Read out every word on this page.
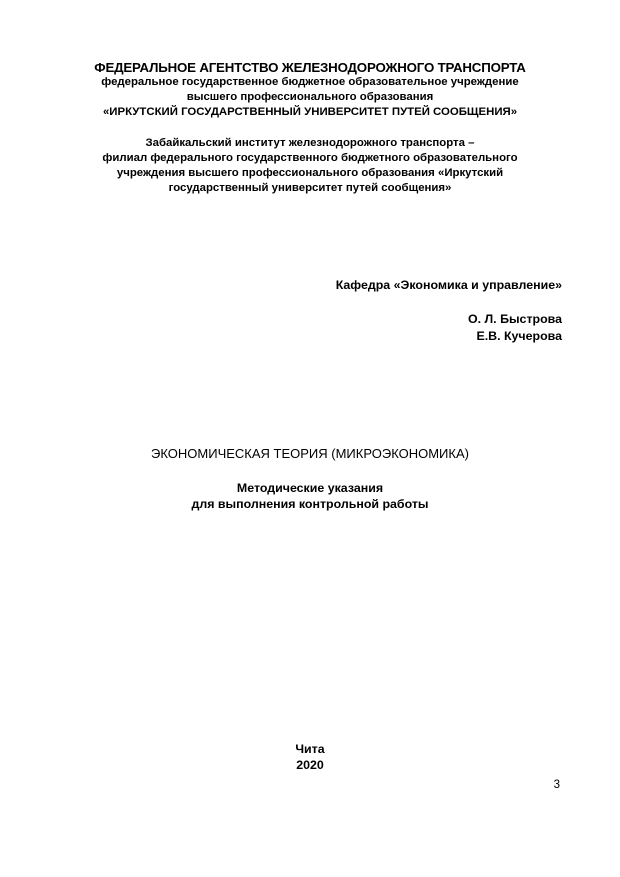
ФЕДЕРАЛЬНОЕ АГЕНТСТВО ЖЕЛЕЗНОДОРОЖНОГО ТРАНСПОРТА
федеральное государственное бюджетное образовательное учреждение
высшего профессионального образования
«ИРКУТСКИЙ ГОСУДАРСТВЕННЫЙ УНИВЕРСИТЕТ ПУТЕЙ СООБЩЕНИЯ»
Забайкальский институт железнодорожного транспорта –
филиал федерального государственного бюджетного образовательного
учреждения высшего профессионального образования «Иркутский
государственный университет путей сообщения»
Кафедра «Экономика и управление»
О. Л. Быстрова
Е.В. Кучерова
ЭКОНОМИЧЕСКАЯ ТЕОРИЯ (МИКРОЭКОНОМИКА)
Методические указания
для выполнения контрольной работы
Чита
2020
3
